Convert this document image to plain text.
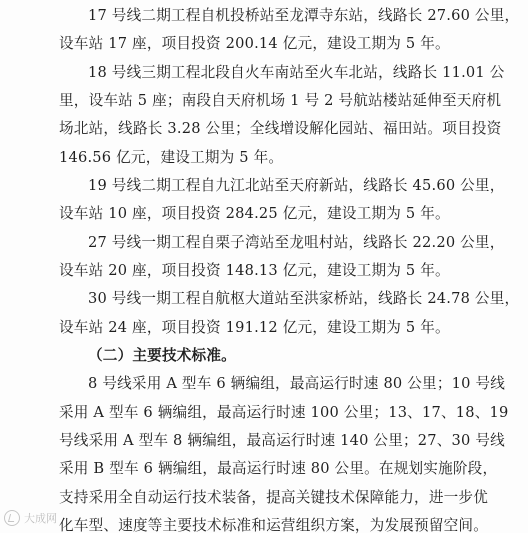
17 号线二期工程自机投桥站至龙潭寺东站，线路长 27.60 公里，
设车站 17 座，项目投资 200.14 亿元，建设工期为 5 年。
18 号线三期工程北段自火车南站至火车北站，线路长 11.01 公
里，设车站 5 座；南段自天府机场 1 号 2 号航站楼站延伸至天府机
场北站，线路长 3.28 公里；全线增设解化园站、福田站。项目投资
146.56 亿元，建设工期为 5 年。
19 号线二期工程自九江北站至天府新站，线路长 45.60 公里，
设车站 10 座，项目投资 284.25 亿元，建设工期为 5 年。
27 号线一期工程自栗子湾站至龙咀村站，线路长 22.20 公里，
设车站 20 座，项目投资 148.13 亿元，建设工期为 5 年。
30 号线一期工程自航枢大道站至洪家桥站，线路长 24.78 公里，
设车站 24 座，项目投资 191.12 亿元，建设工期为 5 年。
（二）主要技术标准。
8 号线采用 A 型车 6 辆编组，最高运行时速 80 公里；10 号线
采用 A 型车 6 辆编组，最高运行时速 100 公里；13、17、18、19
号线采用 A 型车 8 辆编组，最高运行时速 140 公里；27、30 号线
采用 B 型车 6 辆编组，最高运行时速 80 公里。在规划实施阶段，
支持采用全自动运行技术装备，提高关键技术保障能力，进一步优
化车型、速度等主要技术标准和运营组织方案，为发展预留空间。
大成网
